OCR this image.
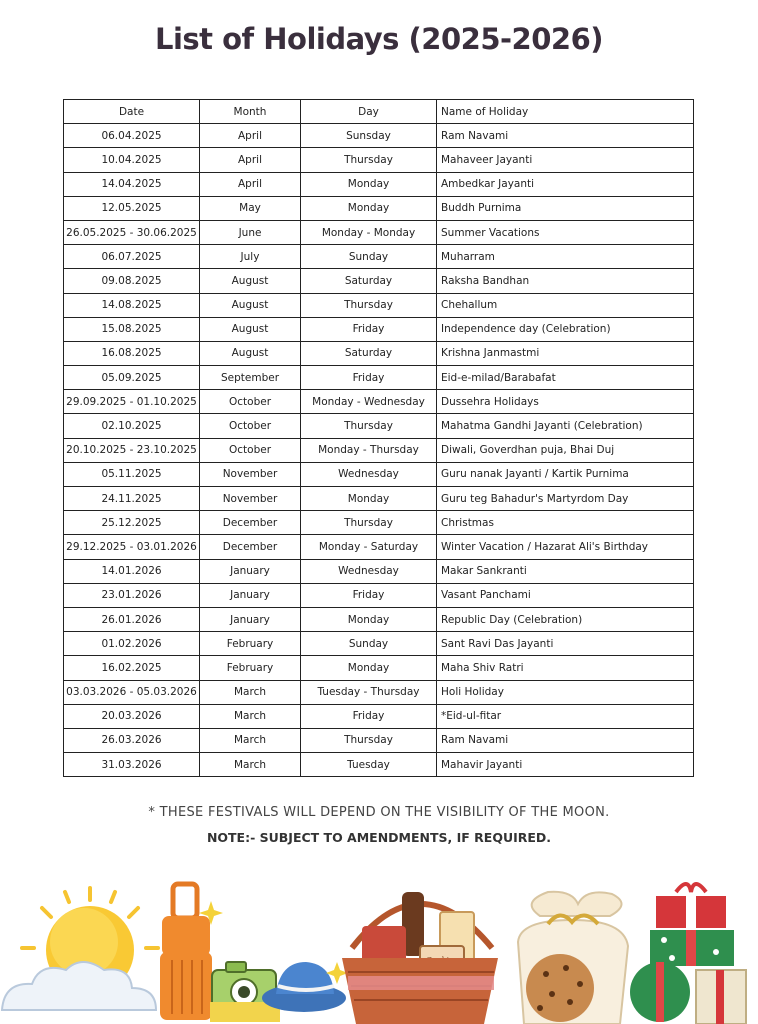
List of Holidays (2025-2026)
Date	Month	Day	Name of Holiday
06.04.2025	April	Sunsday	Ram Navami
10.04.2025	April	Thursday	Mahaveer Jayanti
14.04.2025	April	Monday	Ambedkar Jayanti
12.05.2025	May	Monday	Buddh Purnima
26.05.2025 - 30.06.2025	June	Monday - Monday	Summer Vacations
06.07.2025	July	Sunday	Muharram
09.08.2025	August	Saturday	Raksha Bandhan
14.08.2025	August	Thursday	Chehallum
15.08.2025	August	Friday	Independence day (Celebration)
16.08.2025	August	Saturday	Krishna Janmastmi
05.09.2025	September	Friday	Eid-e-milad/Barabafat
29.09.2025 - 01.10.2025	October	Monday - Wednesday	Dussehra Holidays
02.10.2025	October	Thursday	Mahatma Gandhi Jayanti (Celebration)
20.10.2025 - 23.10.2025	October	Monday - Thursday	Diwali, Goverdhan puja, Bhai Duj
05.11.2025	November	Wednesday	Guru nanak Jayanti / Kartik Purnima
24.11.2025	November	Monday	Guru teg Bahadur's Martyrdom Day
25.12.2025	December	Thursday	Christmas
29.12.2025 - 03.01.2026	December	Monday - Saturday	Winter Vacation / Hazarat Ali's Birthday
14.01.2026	January	Wednesday	Makar Sankranti
23.01.2026	January	Friday	Vasant Panchami
26.01.2026	January	Monday	Republic Day (Celebration)
01.02.2026	February	Sunday	Sant Ravi Das Jayanti
16.02.2025	February	Monday	Maha Shiv Ratri
03.03.2026 - 05.03.2026	March	Tuesday - Thursday	Holi Holiday
20.03.2026	March	Friday	*Eid-ul-fitar
26.03.2026	March	Thursday	Ram Navami
31.03.2026	March	Tuesday	Mahavir Jayanti
* THESE FESTIVALS WILL DEPEND ON THE VISIBILITY OF THE MOON.
NOTE:- SUBJECT TO AMENDMENTS, IF REQUIRED.
